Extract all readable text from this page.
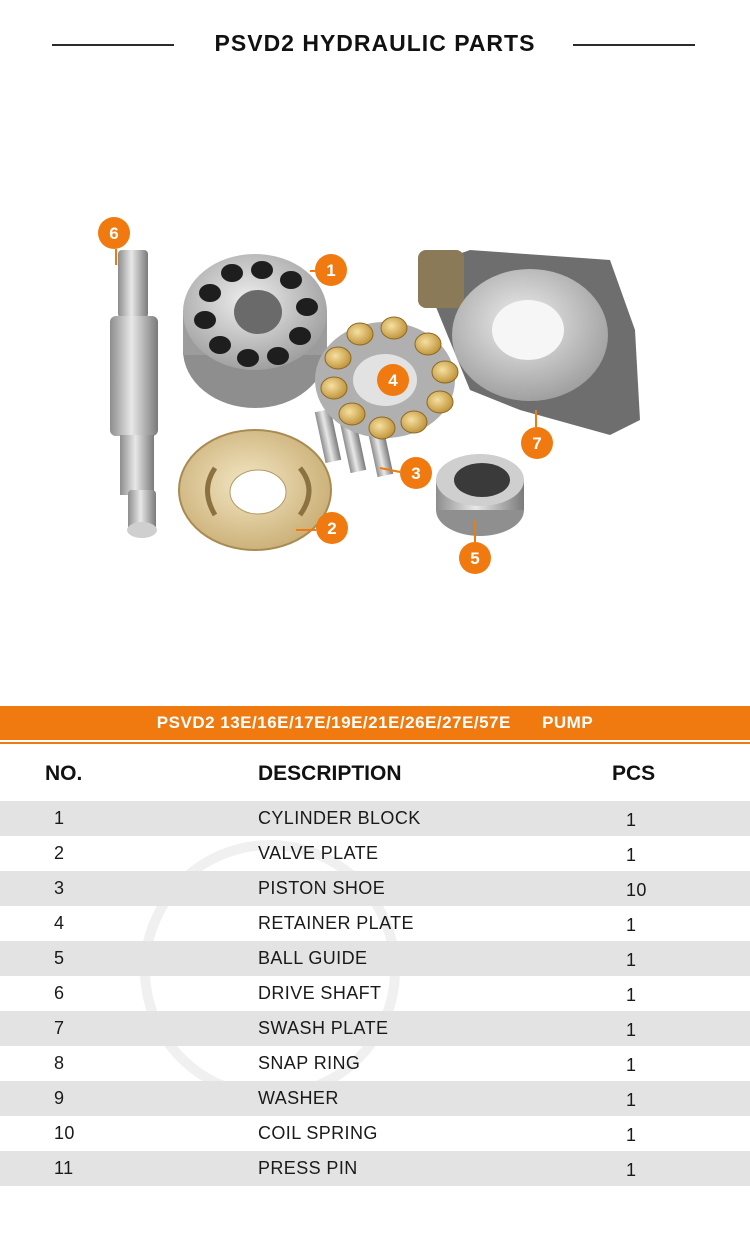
PSVD2 HYDRAULIC PARTS
1
2
3
4
5
6
7
PSVD2 13E/16E/17E/19E/21E/26E/27E/57E PUMP
NO.	DESCRIPTION	PCS
1	CYLINDER BLOCK	1
2	VALVE PLATE	1
3	PISTON SHOE	10
4	RETAINER PLATE	1
5	BALL GUIDE	1
6	DRIVE SHAFT	1
7	SWASH PLATE	1
8	SNAP RING	1
9	WASHER	1
10	COIL SPRING	1
11	PRESS PIN	1
